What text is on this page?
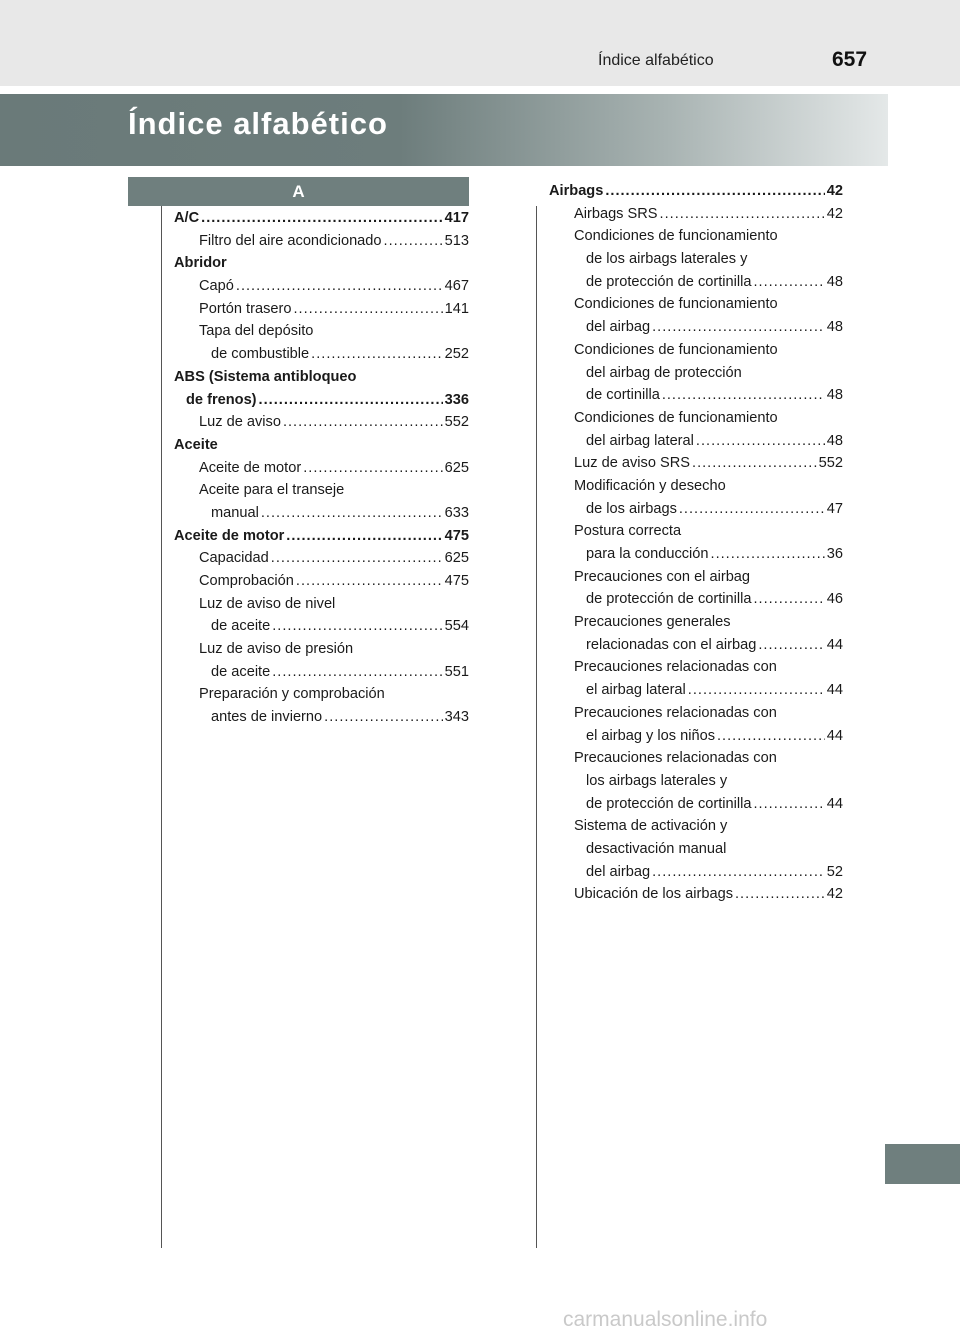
Índice alfabético	657
Índice alfabético
A
A/C .....	417
Filtro del aire acondicionado .....	513
Abridor
Capó .....	467
Portón trasero .....	141
Tapa del depósito
de combustible .....	252
ABS (Sistema antibloqueo
de frenos) .....	336
Luz de aviso .....	552
Aceite
Aceite de motor .....	625
Aceite para el transeje
manual .....	633
Aceite de motor .....	475
Capacidad .....	625
Comprobación .....	475
Luz de aviso de nivel
de aceite .....	554
Luz de aviso de presión
de aceite .....	551
Preparación y comprobación
antes de invierno .....	343
Airbags .....	42
Airbags SRS .....	42
Condiciones de funcionamiento
de los airbags laterales y
de protección de cortinilla .....	48
Condiciones de funcionamiento
del airbag .....	48
Condiciones de funcionamiento
del airbag de protección
de cortinilla .....	48
Condiciones de funcionamiento
del airbag lateral .....	48
Luz de aviso SRS .....	552
Modificación y desecho
de los airbags .....	47
Postura correcta
para la conducción .....	36
Precauciones con el airbag
de protección de cortinilla .....	46
Precauciones generales
relacionadas con el airbag .....	44
Precauciones relacionadas con
el airbag lateral .....	44
Precauciones relacionadas con
el airbag y los niños .....	44
Precauciones relacionadas con
los airbags laterales y
de protección de cortinilla .....	44
Sistema de activación y
desactivación manual
del airbag .....	52
Ubicación de los airbags .....	42
carmanualsonline.info
